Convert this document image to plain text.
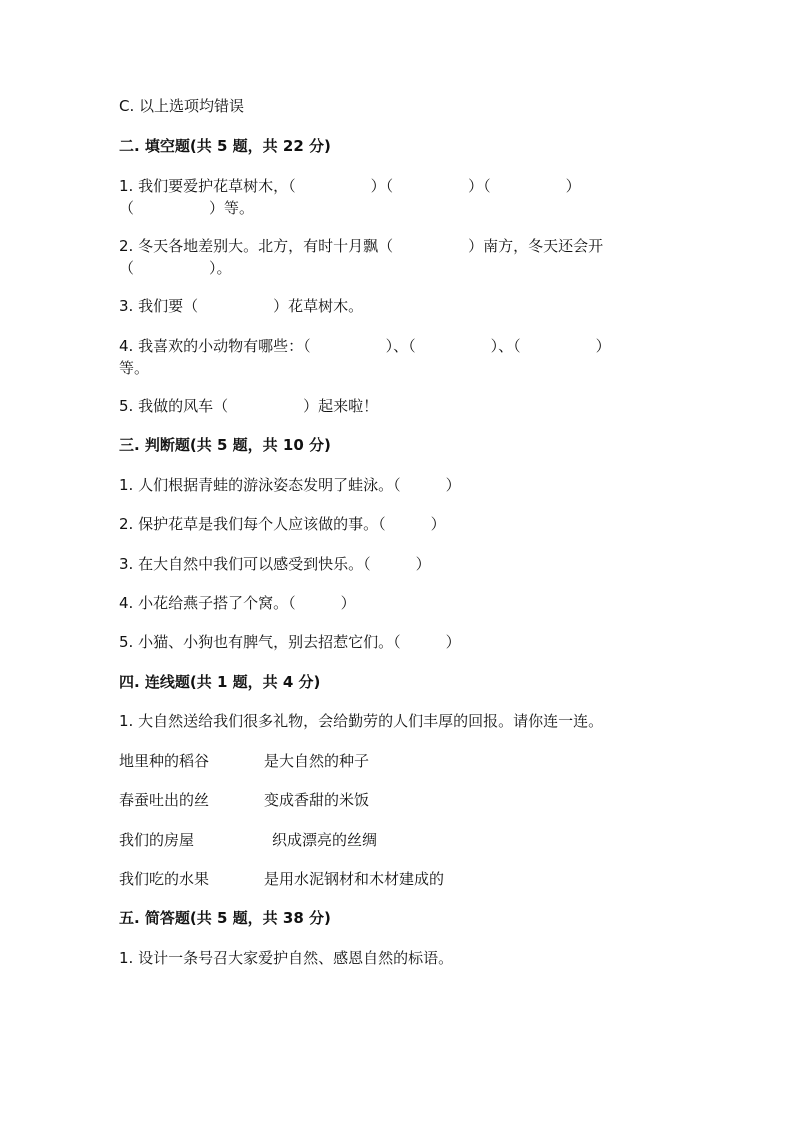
C. 以上选项均错误
二. 填空题(共 5 题，共 22 分)
1. 我们要爱护花草树木，（　　　　　）（　　　　　）（　　　　　）
（　　　　　）等。
2. 冬天各地差别大。北方，有时十月飘（　　　　　）南方，冬天还会开
（　　　　　）。
3. 我们要（　　　　　）花草树木。
4. 我喜欢的小动物有哪些：（　　　　　）、（　　　　　）、（　　　　　）
等。
5. 我做的风车（　　　　　）起来啦！
三. 判断题(共 5 题，共 10 分)
1. 人们根据青蛙的游泳姿态发明了蛙泳。（　　　）
2. 保护花草是我们每个人应该做的事。（　　　）
3. 在大自然中我们可以感受到快乐。（　　　）
4. 小花给燕子搭了个窝。（　　　）
5. 小猫、小狗也有脾气，别去招惹它们。（　　　）
四. 连线题(共 1 题，共 4 分)
1. 大自然送给我们很多礼物，会给勤劳的人们丰厚的回报。请你连一连。
地里种的稻谷	是大自然的种子
春蚕吐出的丝	变成香甜的米饭
我们的房屋	织成漂亮的丝绸
我们吃的水果	是用水泥钢材和木材建成的
五. 简答题(共 5 题，共 38 分)
1. 设计一条号召大家爱护自然、感恩自然的标语。
